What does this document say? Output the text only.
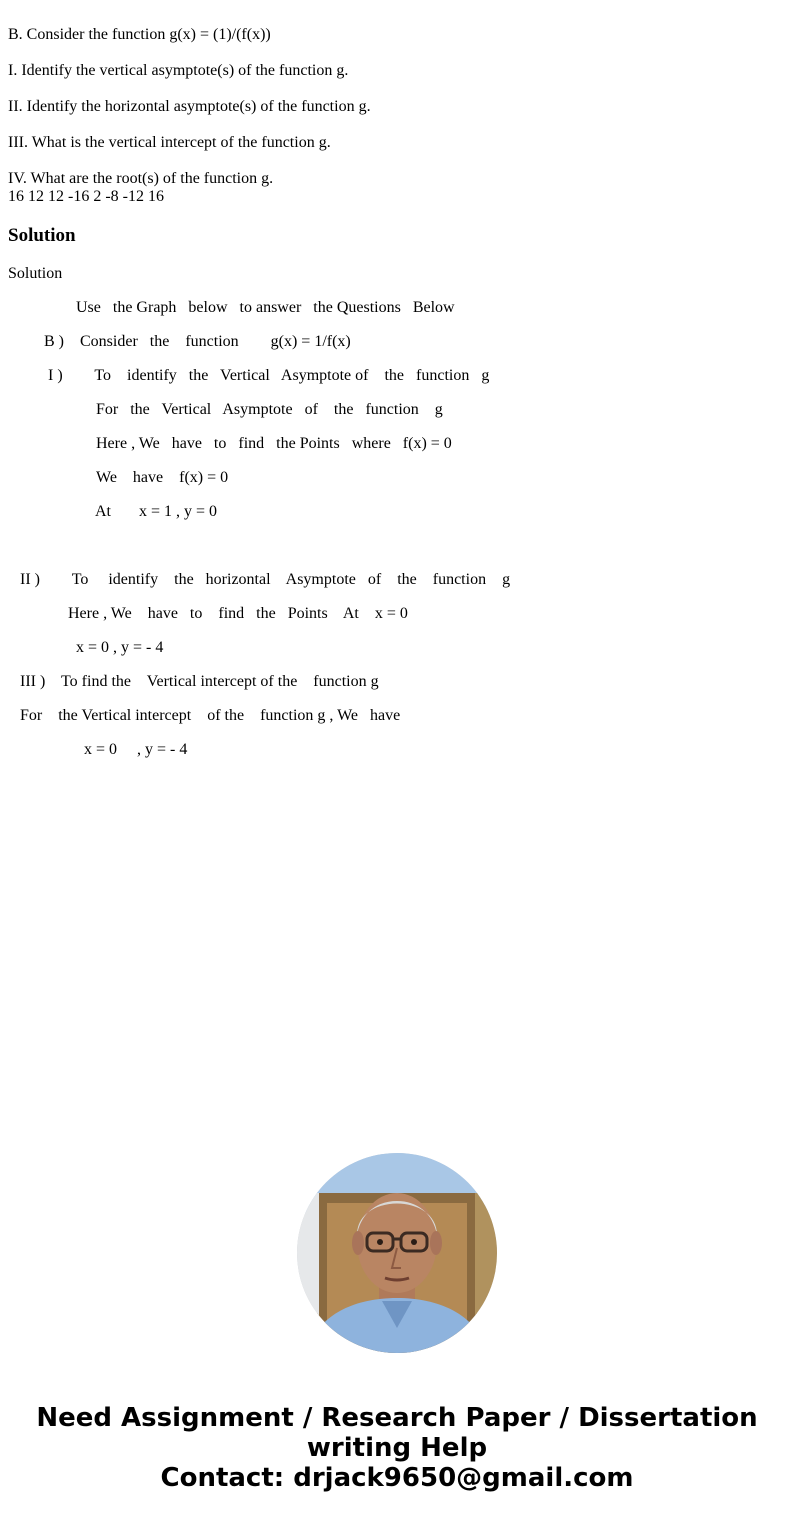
B. Consider the function g(x) = (1)/(f(x))

I. Identify the vertical asymptote(s) of the function g.

II. Identify the horizontal asymptote(s) of the function g.

III. What is the vertical intercept of the function g.

IV. What are the root(s) of the function g.

16 12 12 -16 2 -8 -12 16

Solution

Solution

Use   the Graph   below   to answer   the Questions   Below

B )    Consider   the    function        g(x) = 1/f(x)

I )        To    identify   the   Vertical   Asymptote of    the   function   g

For   the   Vertical   Asymptote   of    the   function    g

Here , We   have   to   find   the Points   where   f(x) = 0

We    have    f(x) = 0

At       x = 1 , y = 0

II )        To     identify    the   horizontal    Asymptote   of    the    function    g

Here , We    have   to    find   the   Points    At    x = 0

x = 0 , y = - 4

III )    To find the    Vertical intercept of the    function g

For    the Vertical intercept    of the    function g , We   have

x = 0     , y = - 4

Need Assignment / Research Paper / Dissertation
writing Help
Contact: drjack9650@gmail.com
